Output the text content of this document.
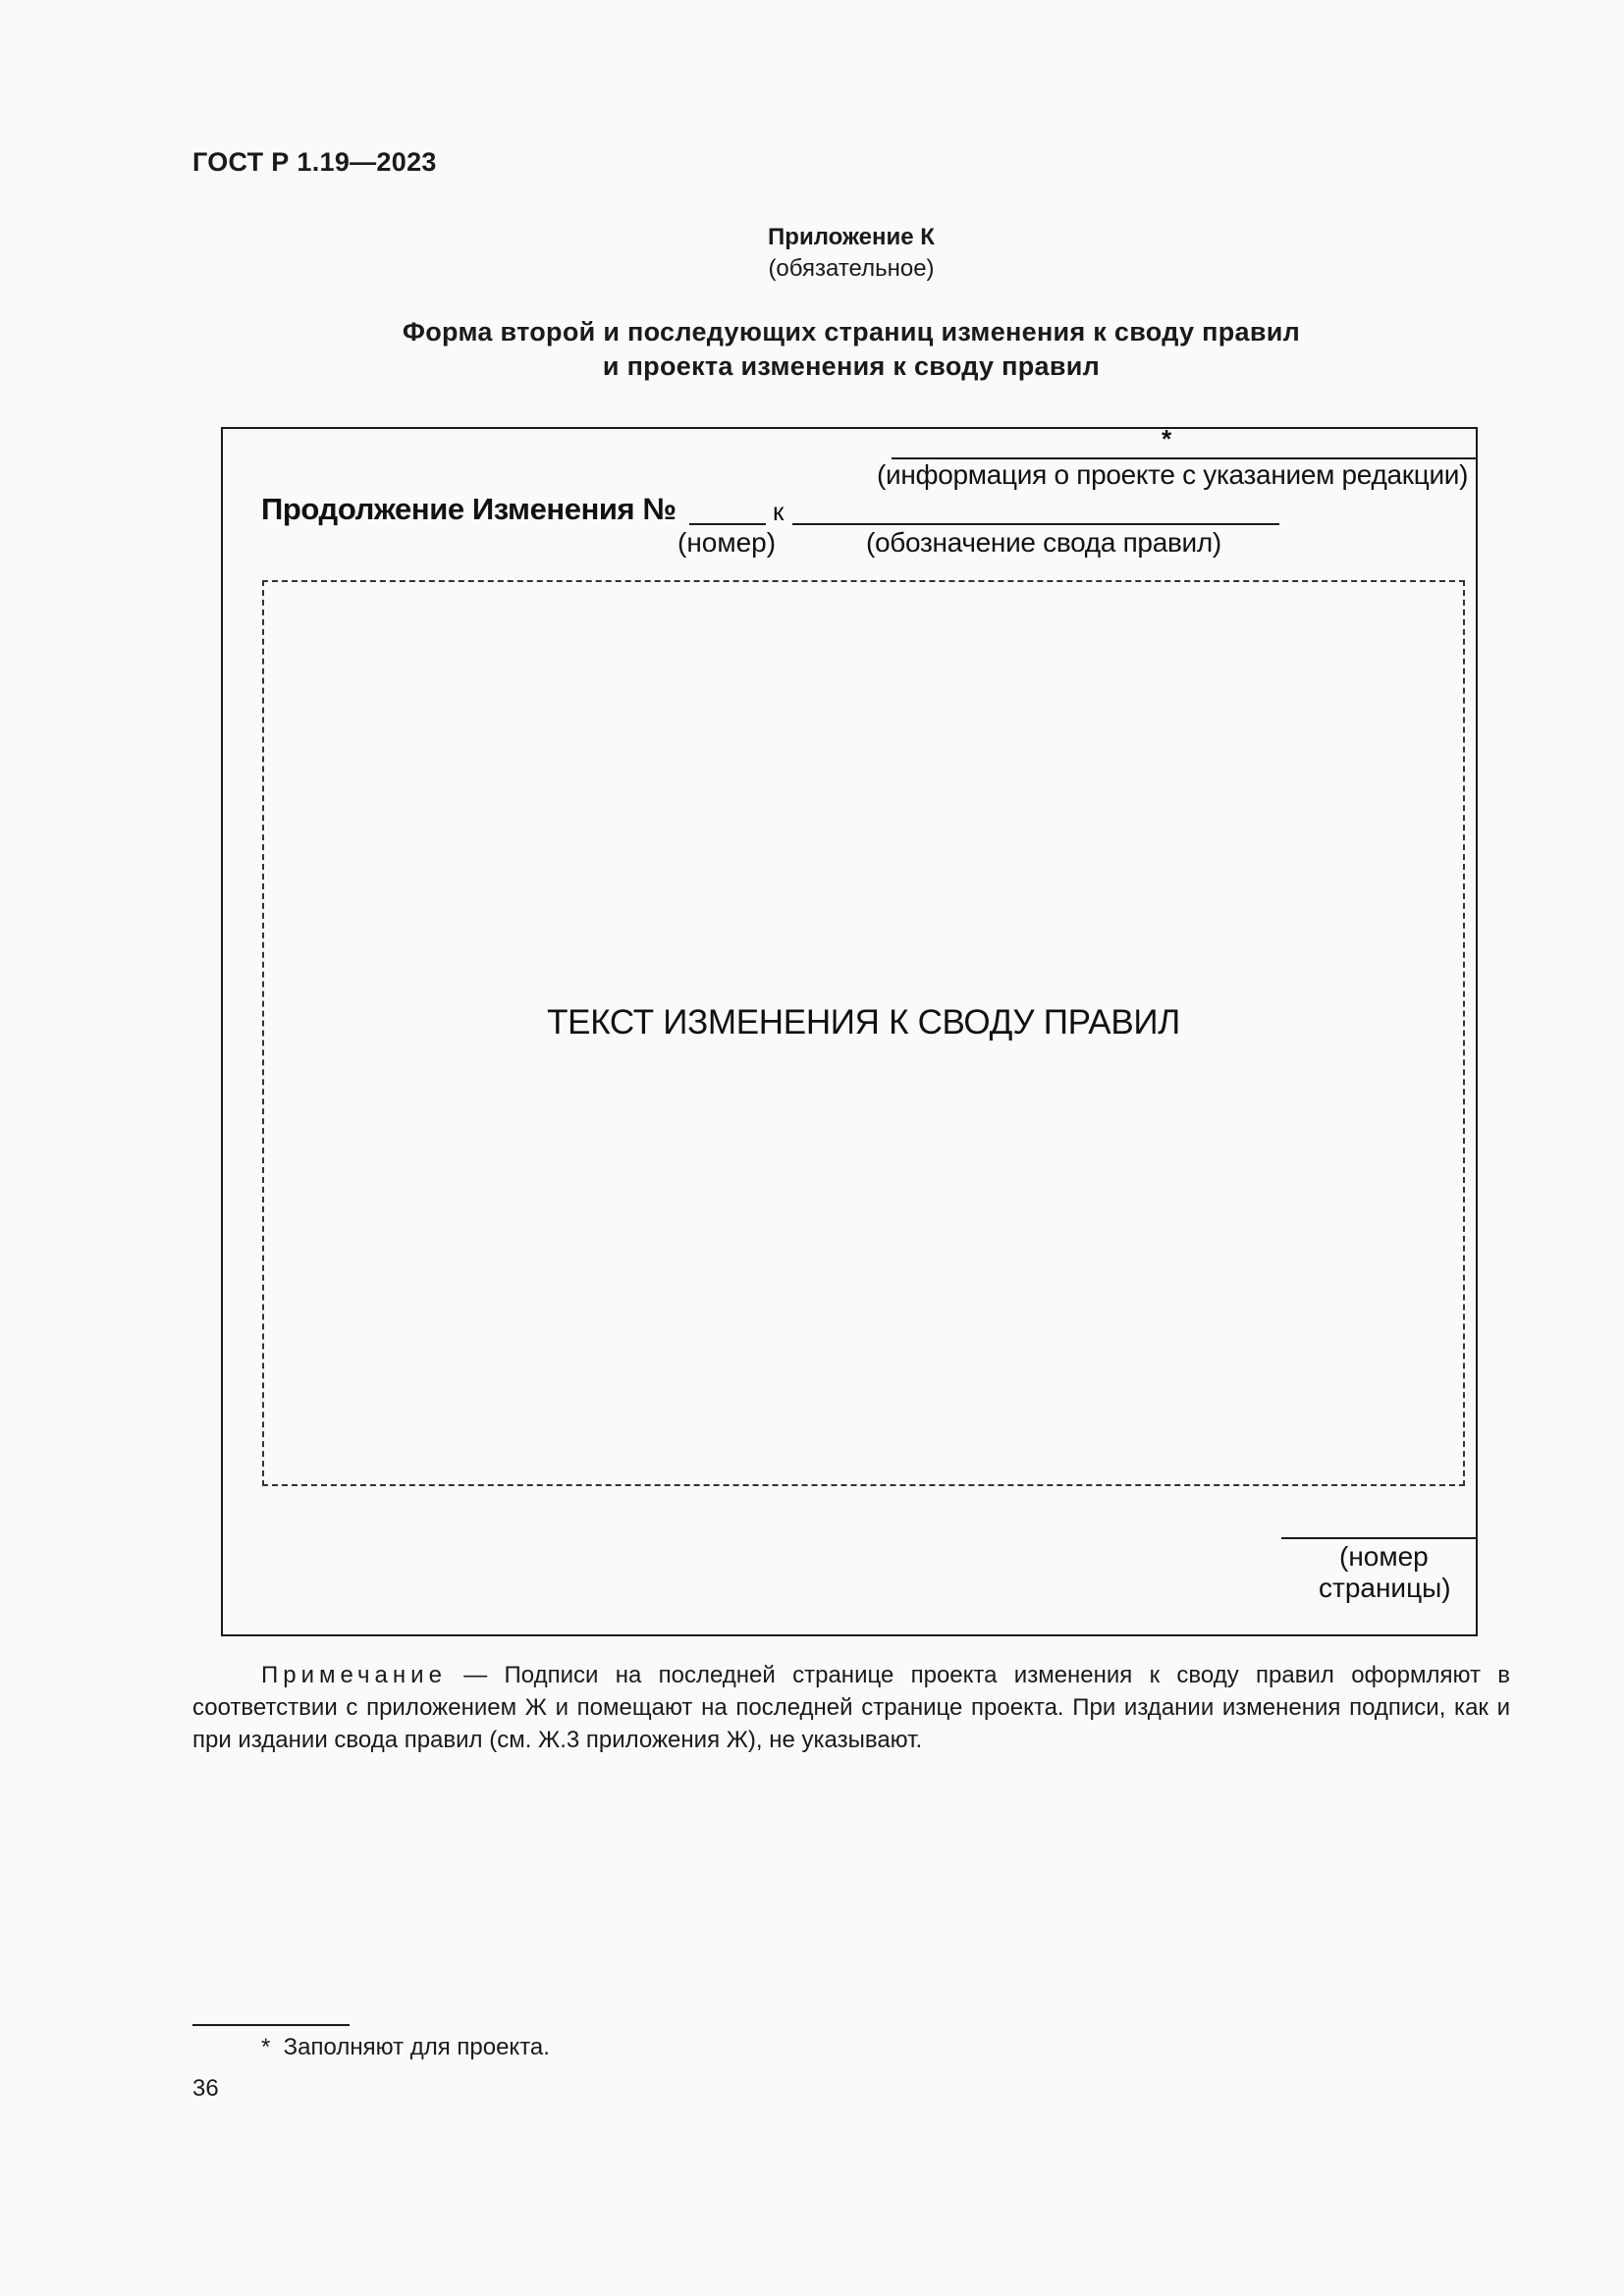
ГОСТ Р 1.19—2023
Приложение К
(обязательное)
Форма второй и последующих страниц изменения к своду правил
и проекта изменения к своду правил
*
(информация о проекте с указанием редакции)
Продолжение Изменения №	к
(номер)	(обозначение свода правил)
ТЕКСТ ИЗМЕНЕНИЯ К СВОДУ ПРАВИЛ
(номер
страницы)
Примечание — Подписи на последней странице проекта изменения к своду правил оформляют в соответствии с приложением Ж и помещают на последней странице проекта. При издании изменения подписи, как и при издании свода правил (см. Ж.3 приложения Ж), не указывают.
*  Заполняют для проекта.
36
